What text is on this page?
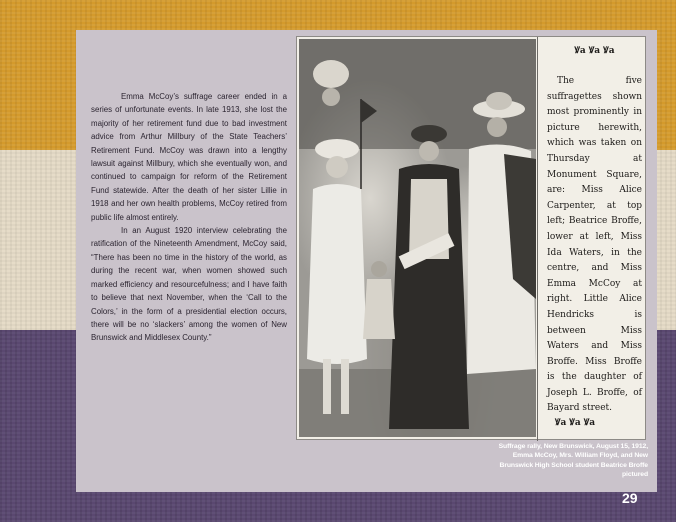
Emma McCoy’s suffrage career ended in a series of unfortunate events. In late 1913, she lost the majority of her retirement fund due to bad investment advice from Arthur Millbury of the State Teachers’ Retirement Fund. McCoy was drawn into a lengthy lawsuit against Millbury, which she eventually won, and continued to campaign for reform of the Retirement Fund statewide. After the death of her sister Lillie in 1918 and her own health problems, McCoy retired from public life almost entirely.

In an August 1920 interview celebrating the ratification of the Nineteenth Amendment, McCoy said, “There has been no time in the history of the world, as during the recent war, when women showed such marked efficiency and resourcefulness; and I have faith to believe that next November, when the ‘Call to the Colors,’ in the form of a presidential election occurs, there will be no ‘slackers’ among the women of New Brunswick and Middlesex County.”

Ꝟa Ꝟa Ꝟa
The five suffragettes shown most prominently in picture herewith, which was taken on Thursday at Monument Square, are: Miss Alice Carpenter, at top left; Beatrice Broffe, lower at left, Miss Ida Waters, in the centre, and Miss Emma McCoy at right. Little Alice Hendricks is between Miss Waters and Miss Broffe. Miss Broffe is the daughter of Joseph L. Broffe, of Bayard street.
Ꝟa Ꝟa Ꝟa
Suffrage rally, New Brunswick, August 15, 1912, Emma McCoy, Mrs. William Floyd, and New Brunswick High School student Beatrice Broffe pictured
29
